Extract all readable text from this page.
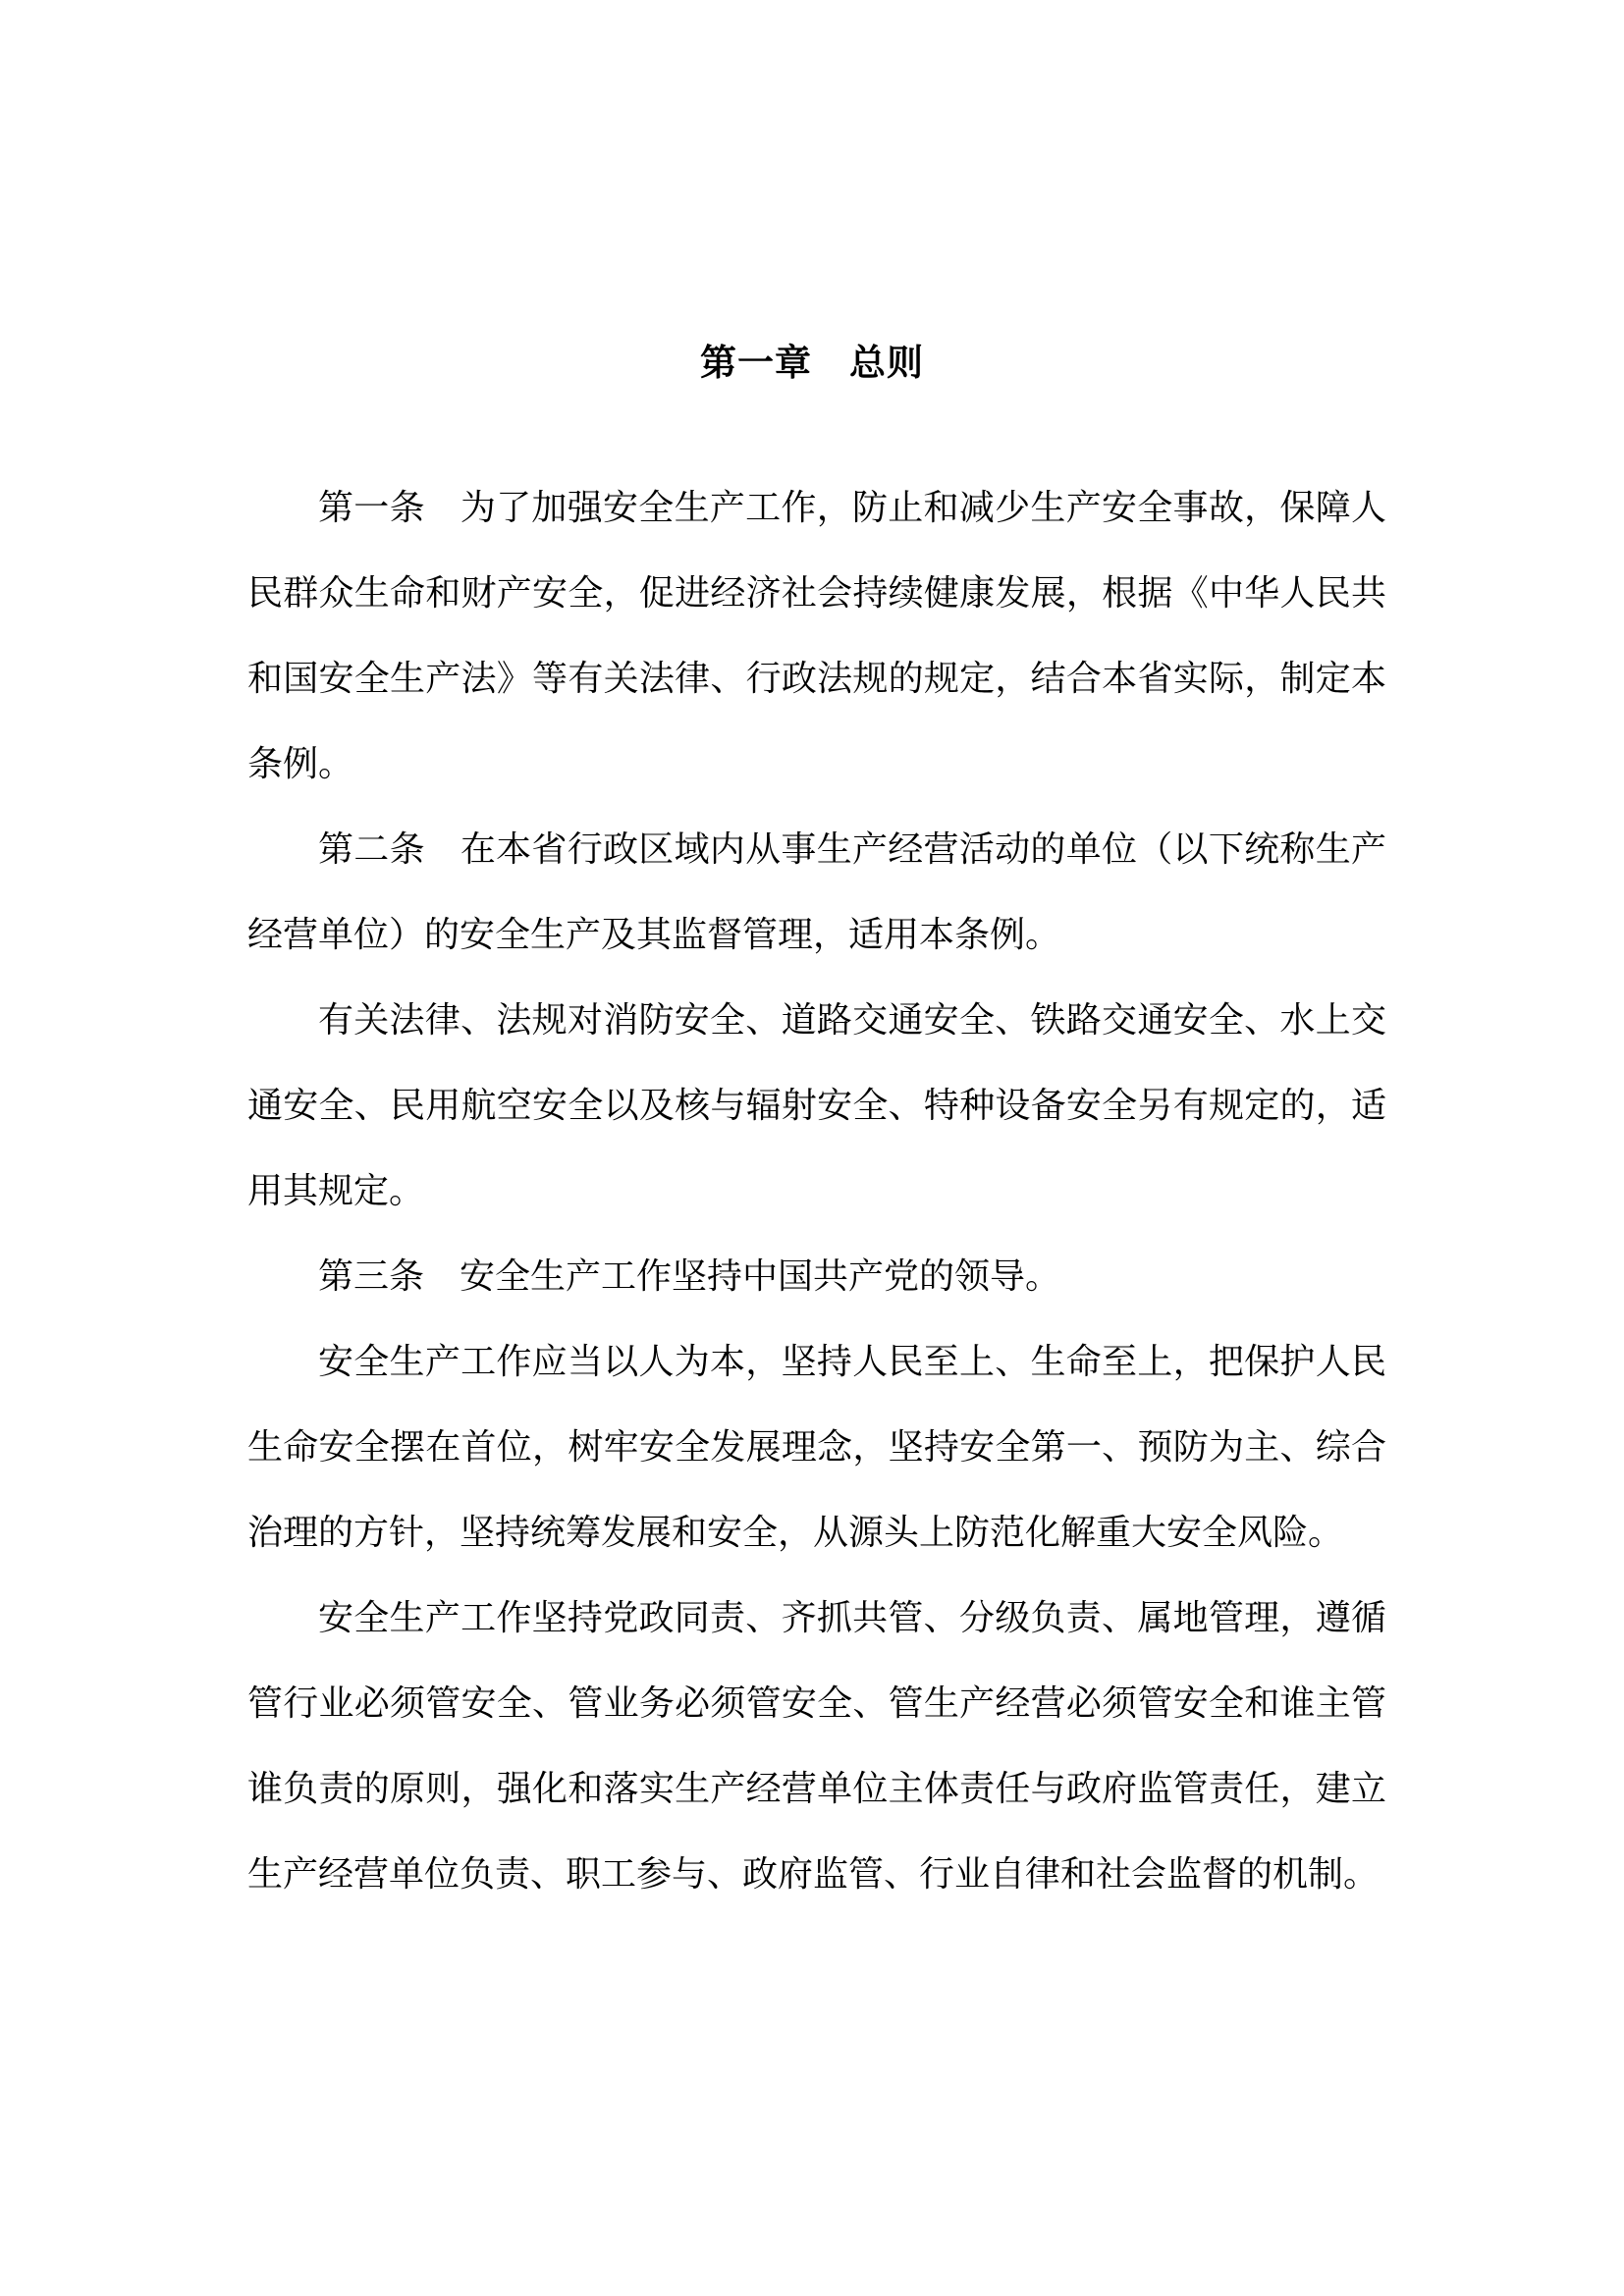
第一章　总则

第一条 为了加强安全生产工作，防止和减少生产安全事故，保障人民群众生命和财产安全，促进经济社会持续健康发展，根据《中华人民共和国安全生产法》等有关法律、行政法规的规定，结合本省实际，制定本条例。

第二条 在本省行政区域内从事生产经营活动的单位（以下统称生产经营单位）的安全生产及其监督管理，适用本条例。

有关法律、法规对消防安全、道路交通安全、铁路交通安全、水上交通安全、民用航空安全以及核与辐射安全、特种设备安全另有规定的，适用其规定。

第三条 安全生产工作坚持中国共产党的领导。

安全生产工作应当以人为本，坚持人民至上、生命至上，把保护人民生命安全摆在首位，树牢安全发展理念，坚持安全第一、预防为主、综合治理的方针，坚持统筹发展和安全，从源头上防范化解重大安全风险。

安全生产工作坚持党政同责、齐抓共管、分级负责、属地管理，遵循管行业必须管安全、管业务必须管安全、管生产经营必须管安全和谁主管谁负责的原则，强化和落实生产经营单位主体责任与政府监管责任，建立生产经营单位负责、职工参与、政府监管、行业自律和社会监督的机制。
